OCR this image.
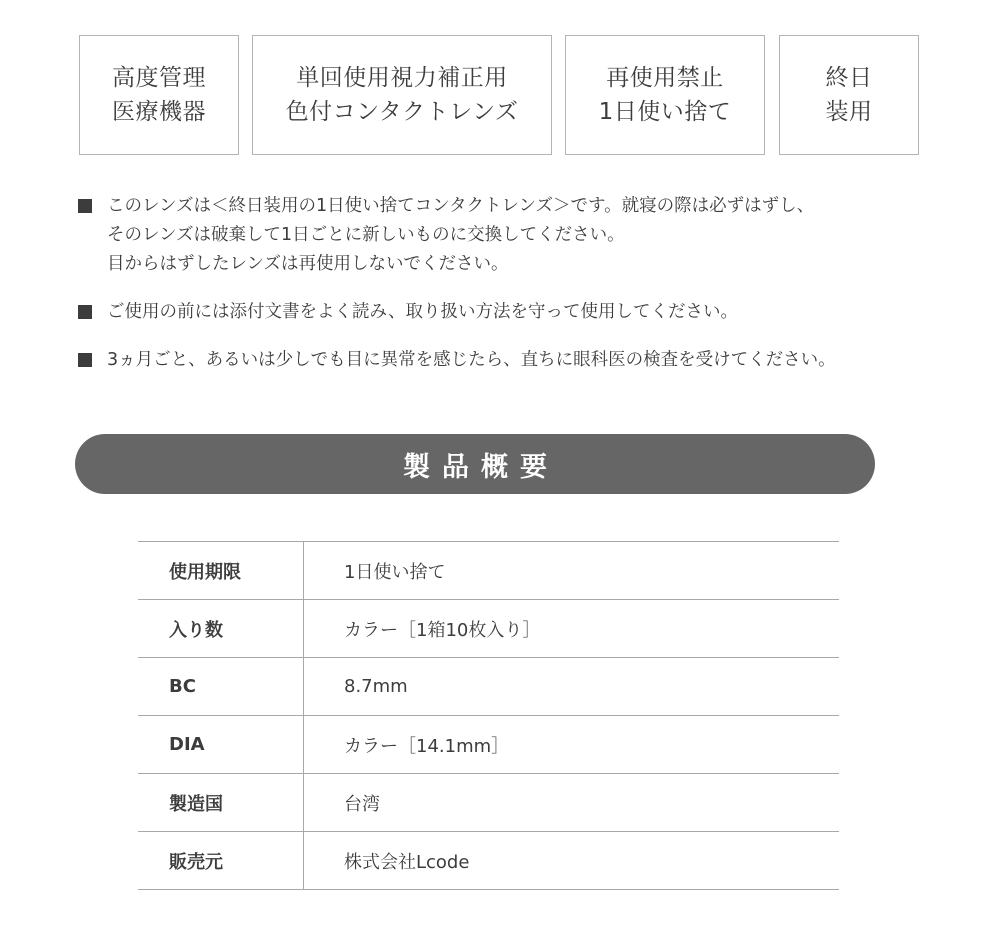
高度管理
医療機器
単回使用視力補正用
色付コンタクトレンズ
再使用禁止
1日使い捨て
終日
装用
このレンズは＜終日装用の1日使い捨てコンタクトレンズ＞です。就寝の際は必ずはずし、
そのレンズは破棄して1日ごとに新しいものに交換してください。
目からはずしたレンズは再使用しないでください。
ご使用の前には添付文書をよく読み、取り扱い方法を守って使用してください。
3ヵ月ごと、あるいは少しでも目に異常を感じたら、直ちに眼科医の検査を受けてください。
製品概要
使用期限	1日使い捨て
入り数	カラー［1箱10枚入り］
BC	8.7mm
DIA	カラー［14.1mm］
製造国	台湾
販売元	株式会社Lcode
